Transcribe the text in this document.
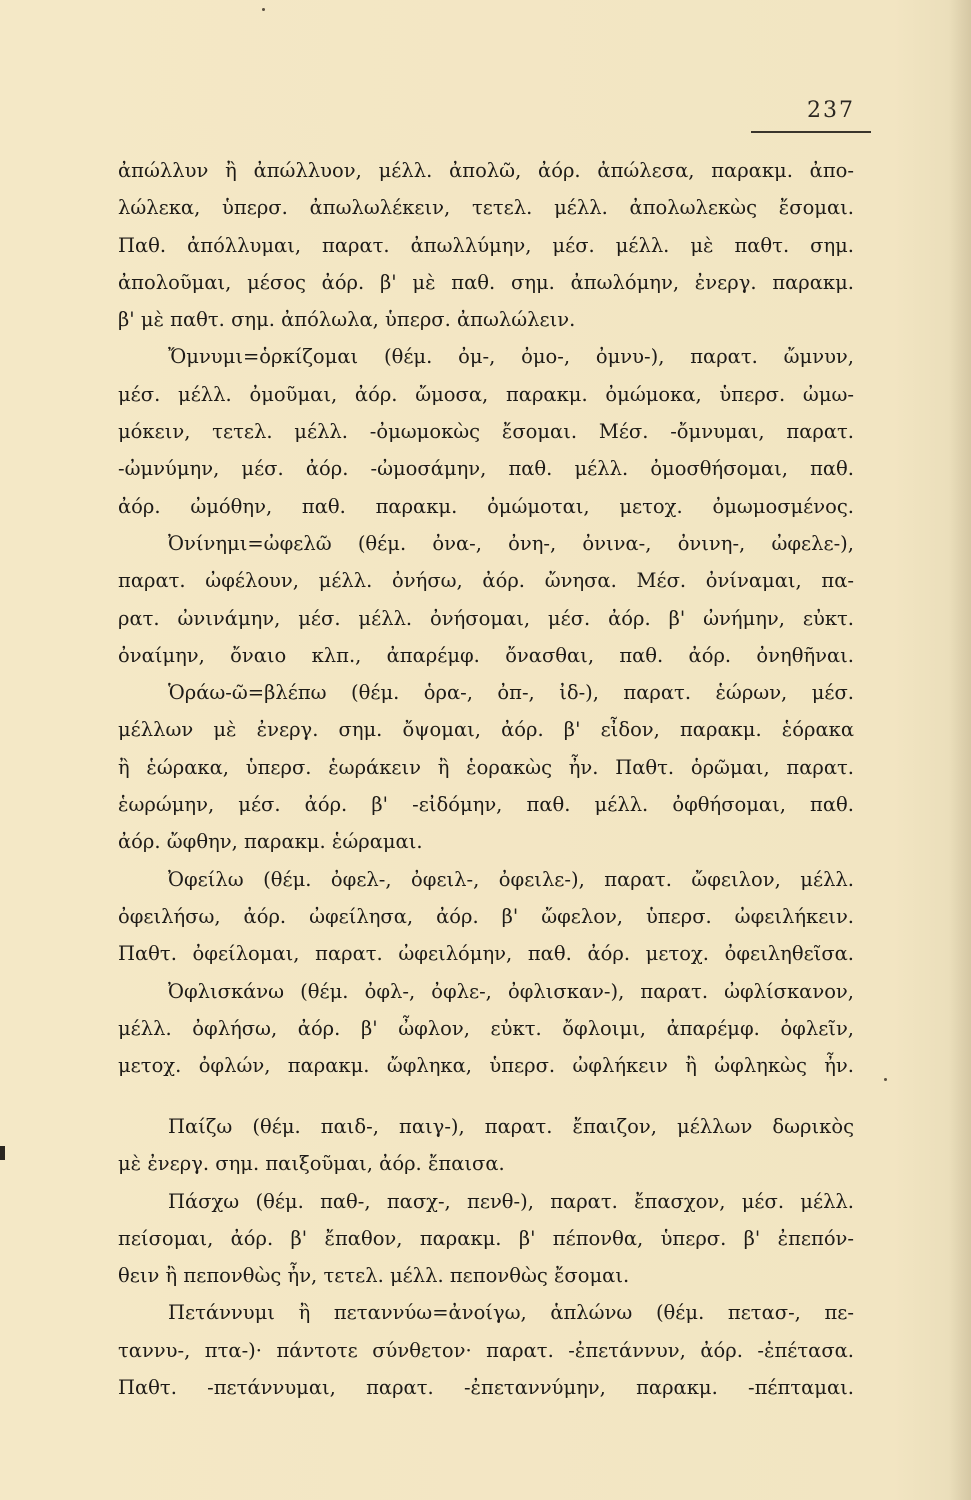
237
ἀπώλλυν ἢ ἀπώλλυον, μέλλ. ἀπολῶ, ἀόρ. ἀπώλεσα, παρακμ. ἀπο-
λώλεκα, ὑπερσ. ἀπωλωλέκειν, τετελ. μέλλ. ἀπολωλεκὼς ἔσομαι.
Παθ. ἀπόλλυμαι, παρατ. ἀπωλλύμην, μέσ. μέλλ. μὲ παθτ. σημ.
ἀπολοῦμαι, μέσος ἀόρ. β' μὲ παθ. σημ. ἀπωλόμην, ἐνεργ. παρακμ.
β' μὲ παθτ. σημ. ἀπόλωλα, ὑπερσ. ἀπωλώλειν.
Ὄμνυμι=ὁρκίζομαι (θέμ. ὀμ-, ὀμο-, ὀμνυ-), παρατ. ὤμνυν,
μέσ. μέλλ. ὀμοῦμαι, ἀόρ. ὤμοσα, παρακμ. ὀμώμοκα, ὑπερσ. ὠμω-
μόκειν, τετελ. μέλλ. -ὀμωμοκὼς ἔσομαι. Μέσ. -ὄμνυμαι, παρατ.
-ὠμνύμην, μέσ. ἀόρ. -ὠμοσάμην, παθ. μέλλ. ὀμοσθήσομαι, παθ.
ἀόρ. ὠμόθην, παθ. παρακμ. ὀμώμοται, μετοχ. ὀμωμοσμένος.
Ὀνίνημι=ὠφελῶ (θέμ. ὀνα-, ὀνη-, ὀνινα-, ὀνινη-, ὠφελε-),
παρατ. ὠφέλουν, μέλλ. ὀνήσω, ἀόρ. ὤνησα. Μέσ. ὀνίναμαι, πα-
ρατ. ὠνινάμην, μέσ. μέλλ. ὀνήσομαι, μέσ. ἀόρ. β' ὠνήμην, εὐκτ.
ὀναίμην, ὄναιο κλπ., ἀπαρέμφ. ὄνασθαι, παθ. ἀόρ. ὀνηθῆναι.
Ὁράω-ῶ=βλέπω (θέμ. ὁρα-, ὀπ-, ἰδ-), παρατ. ἑώρων, μέσ.
μέλλων μὲ ἐνεργ. σημ. ὄψομαι, ἀόρ. β' εἶδον, παρακμ. ἑόρακα
ἢ ἑώρακα, ὑπερσ. ἑωράκειν ἢ ἑορακὼς ἦν. Παθτ. ὁρῶμαι, παρατ.
ἑωρώμην, μέσ. ἀόρ. β' -εἰδόμην, παθ. μέλλ. ὀφθήσομαι, παθ.
ἀόρ. ὤφθην, παρακμ. ἑώραμαι.
Ὀφείλω (θέμ. ὀφελ-, ὀφειλ-, ὀφειλε-), παρατ. ὤφειλον, μέλλ.
ὀφειλήσω, ἀόρ. ὠφείλησα, ἀόρ. β' ὤφελον, ὑπερσ. ὠφειλήκειν.
Παθτ. ὀφείλομαι, παρατ. ὠφειλόμην, παθ. ἀόρ. μετοχ. ὀφειληθεῖσα.
Ὀφλισκάνω (θέμ. ὀφλ-, ὀφλε-, ὀφλισκαν-), παρατ. ὠφλίσκανον,
μέλλ. ὀφλήσω, ἀόρ. β' ὦφλον, εὐκτ. ὄφλοιμι, ἀπαρέμφ. ὀφλεῖν,
μετοχ. ὀφλών, παρακμ. ὤφληκα, ὑπερσ. ὠφλήκειν ἢ ὠφληκὼς ἦν.
Παίζω (θέμ. παιδ-, παιγ-), παρατ. ἔπαιζον, μέλλων δωρικὸς
μὲ ἐνεργ. σημ. παιξοῦμαι, ἀόρ. ἔπαισα.
Πάσχω (θέμ. παθ-, πασχ-, πενθ-), παρατ. ἔπασχον, μέσ. μέλλ.
πείσομαι, ἀόρ. β' ἔπαθον, παρακμ. β' πέπονθα, ὑπερσ. β' ἐπεπόν-
θειν ἢ πεπονθὼς ἦν, τετελ. μέλλ. πεπονθὼς ἔσομαι.
Πετάννυμι ἢ πεταννύω=ἀνοίγω, ἁπλώνω (θέμ. πετασ-, πε-
ταννυ-, πτα-)· πάντοτε σύνθετον· παρατ. -ἐπετάννυν, ἀόρ. -ἐπέτασα.
Παθτ. -πετάννυμαι, παρατ. -ἐπεταννύμην, παρακμ. -πέπταμαι.
